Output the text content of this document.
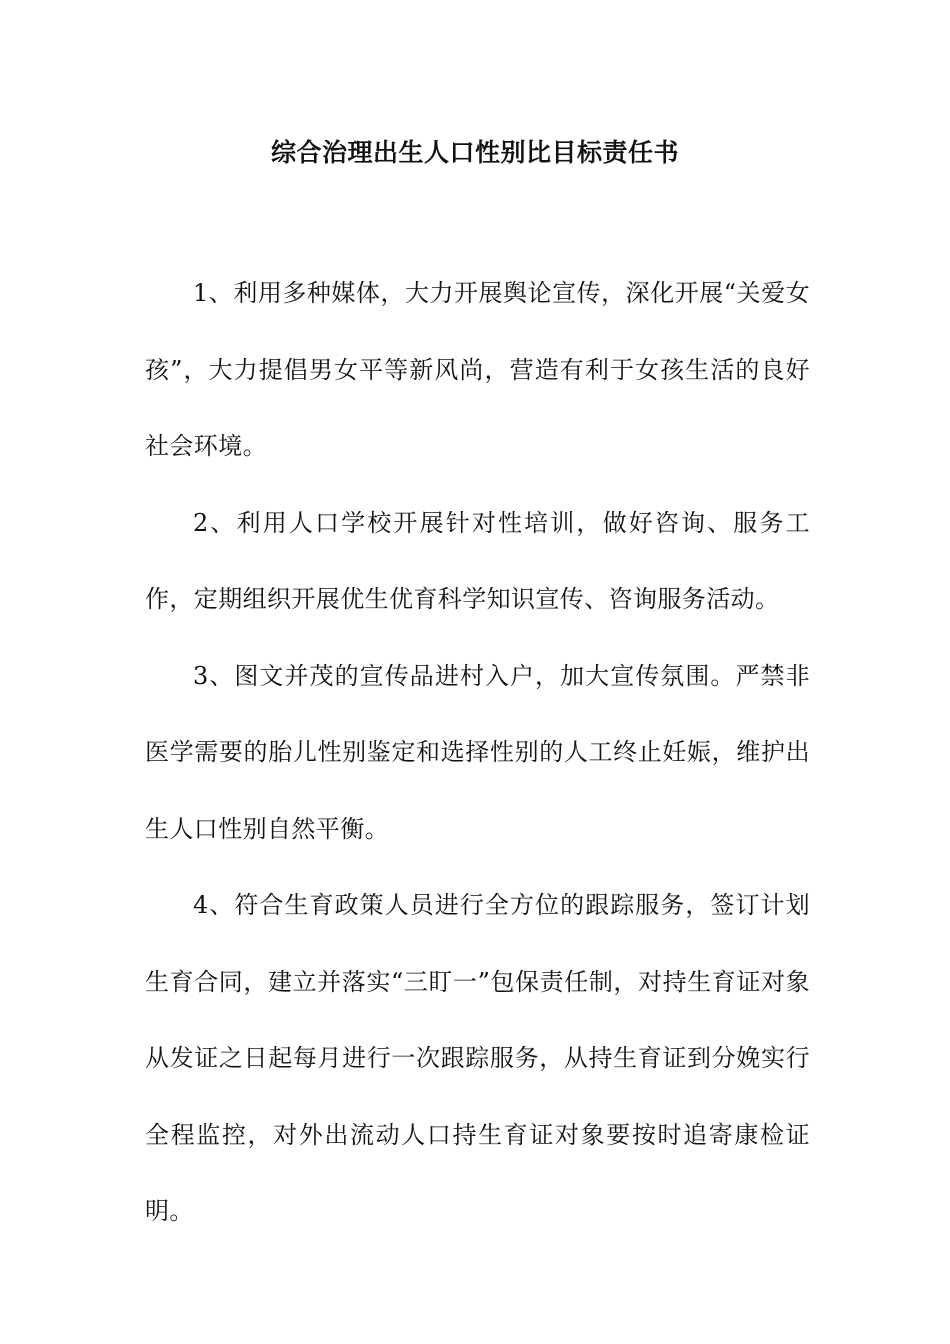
综合治理出生人口性别比目标责任书

1、利用多种媒体，大力开展舆论宣传，深化开展“关爱女孩”，大力提倡男女平等新风尚，营造有利于女孩生活的良好社会环境。

2、利用人口学校开展针对性培训，做好咨询、服务工作，定期组织开展优生优育科学知识宣传、咨询服务活动。

3、图文并茂的宣传品进村入户，加大宣传氛围。严禁非医学需要的胎儿性别鉴定和选择性别的人工终止妊娠，维护出生人口性别自然平衡。

4、符合生育政策人员进行全方位的跟踪服务，签订计划生育合同，建立并落实“三盯一”包保责任制，对持生育证对象从发证之日起每月进行一次跟踪服务，从持生育证到分娩实行全程监控，对外出流动人口持生育证对象要按时追寄康检证明。
